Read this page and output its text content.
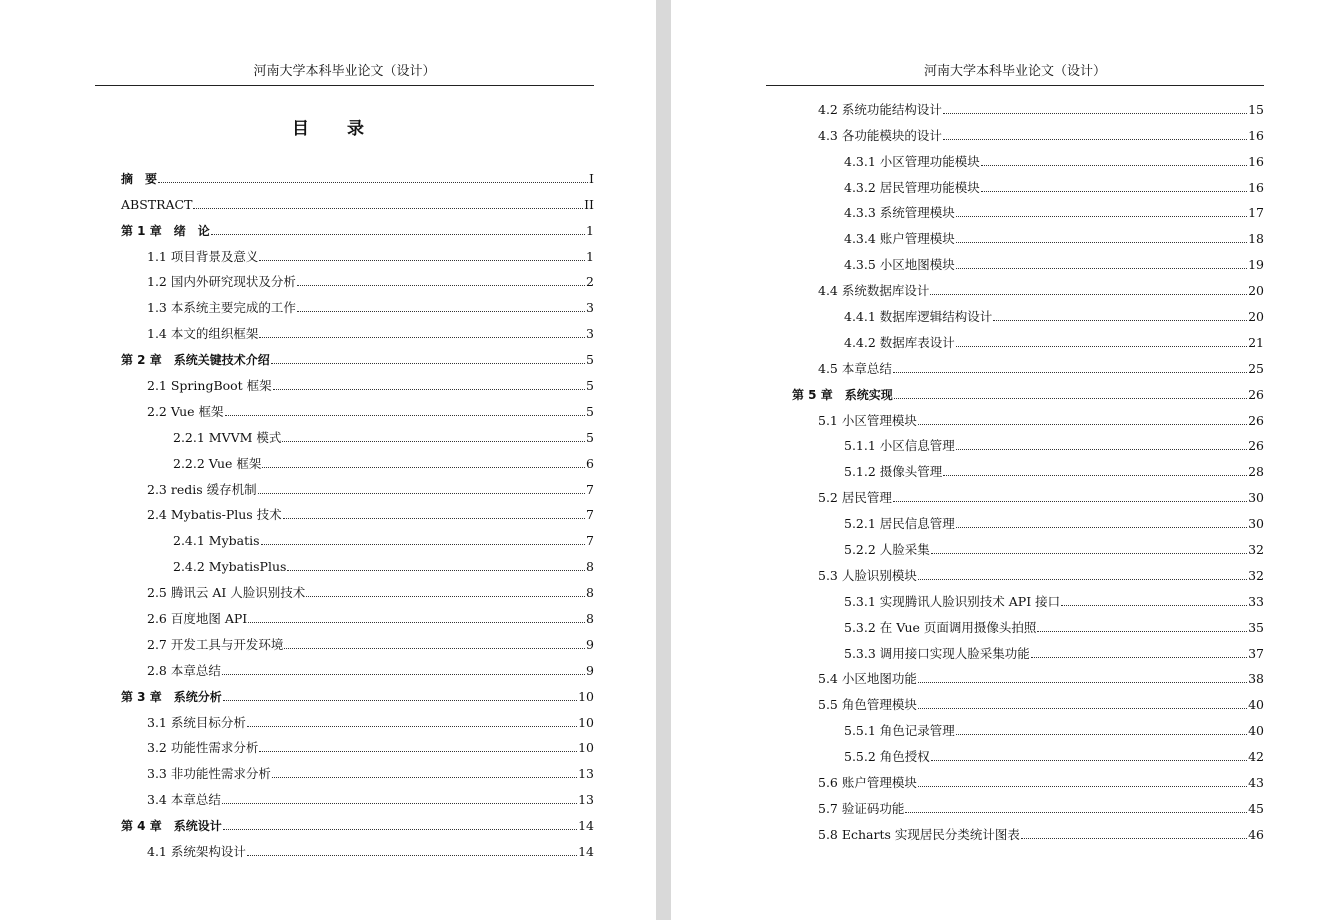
河南大学本科毕业论文（设计）
目 录
摘　要	I
ABSTRACT	II
第 1 章　绪　论	1
1.1 项目背景及意义	1
1.2 国内外研究现状及分析	2
1.3 本系统主要完成的工作	3
1.4 本文的组织框架	3
第 2 章　系统关键技术介绍	5
2.1 SpringBoot 框架	5
2.2 Vue 框架	5
2.2.1 MVVM 模式	5
2.2.2 Vue 框架	6
2.3 redis 缓存机制	7
2.4 Mybatis-Plus 技术	7
2.4.1 Mybatis	7
2.4.2 MybatisPlus	8
2.5 腾讯云 AI 人脸识别技术	8
2.6 百度地图 API	8
2.7 开发工具与开发环境	9
2.8 本章总结	9
第 3 章　系统分析	10
3.1 系统目标分析	10
3.2 功能性需求分析	10
3.3 非功能性需求分析	13
3.4 本章总结	13
第 4 章　系统设计	14
4.1 系统架构设计	14
河南大学本科毕业论文（设计）
4.2 系统功能结构设计	15
4.3 各功能模块的设计	16
4.3.1 小区管理功能模块	16
4.3.2 居民管理功能模块	16
4.3.3 系统管理模块	17
4.3.4 账户管理模块	18
4.3.5 小区地图模块	19
4.4 系统数据库设计	20
4.4.1 数据库逻辑结构设计	20
4.4.2 数据库表设计	21
4.5 本章总结	25
第 5 章　系统实现	26
5.1 小区管理模块	26
5.1.1 小区信息管理	26
5.1.2 摄像头管理	28
5.2 居民管理	30
5.2.1 居民信息管理	30
5.2.2 人脸采集	32
5.3 人脸识别模块	32
5.3.1 实现腾讯人脸识别技术 API 接口	33
5.3.2 在 Vue 页面调用摄像头拍照	35
5.3.3 调用接口实现人脸采集功能	37
5.4 小区地图功能	38
5.5 角色管理模块	40
5.5.1 角色记录管理	40
5.5.2 角色授权	42
5.6 账户管理模块	43
5.7 验证码功能	45
5.8 Echarts 实现居民分类统计图表	46
